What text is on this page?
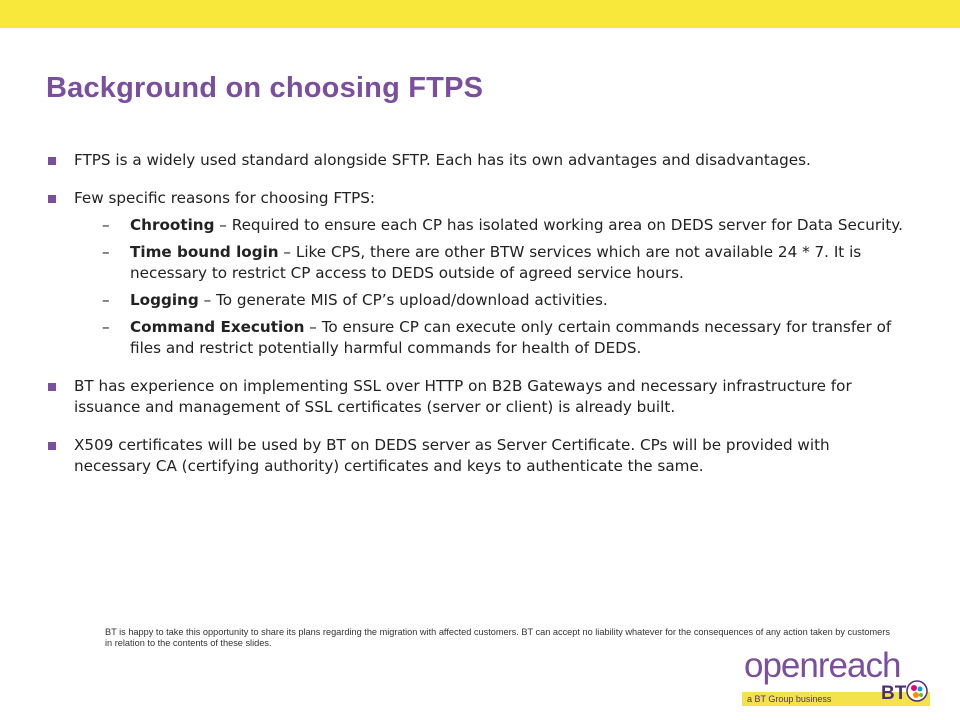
Background on choosing FTPS
FTPS is a widely used standard alongside SFTP. Each has its own advantages and disadvantages.
Few specific reasons for choosing FTPS:
– Chrooting – Required to ensure each CP has isolated working area on DEDS server for Data Security.
– Time bound login – Like CPS, there are other BTW services which are not available 24 * 7. It is necessary to restrict CP access to DEDS outside of agreed service hours.
– Logging – To generate MIS of CP’s upload/download activities.
– Command Execution – To ensure CP can execute only certain commands necessary for transfer of files and restrict potentially harmful commands for health of DEDS.
BT has experience on implementing SSL over HTTP on B2B Gateways and necessary infrastructure for issuance and management of SSL certificates (server or client) is already built.
X509 certificates will be used by BT on DEDS server as Server Certificate. CPs will be provided with necessary CA (certifying authority) certificates and keys to authenticate the same.
BT is happy to take this opportunity to share its plans regarding the migration with affected customers. BT can accept no liability whatever for the consequences of any action taken by customers in relation to the contents of these slides.
openreach
a BT Group business	BT
